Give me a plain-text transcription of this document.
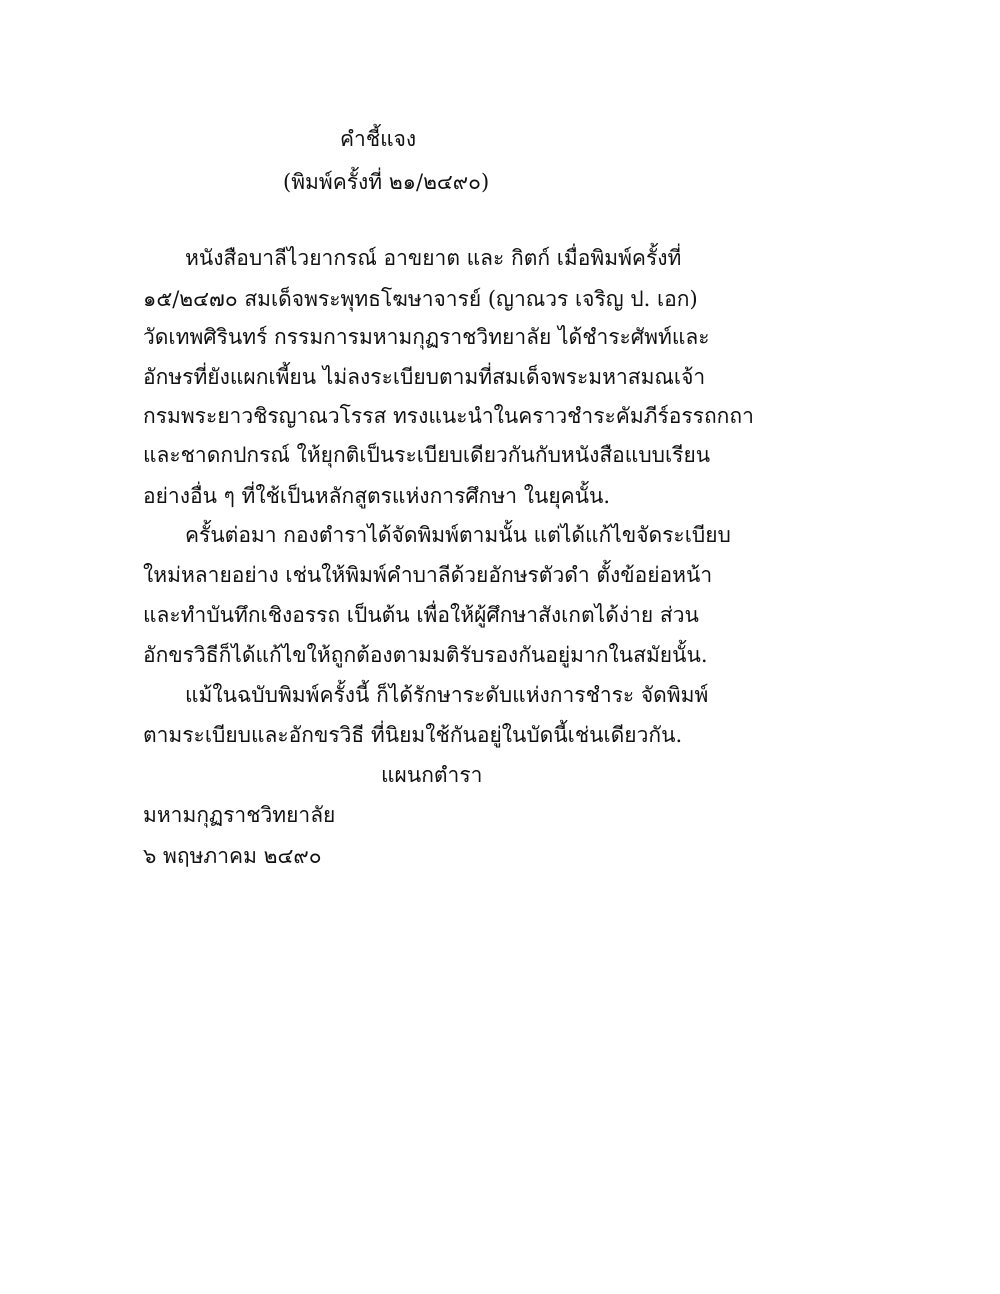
คำชี้แจง
(พิมพ์ครั้งที่ ๒๑/๒๔๙๐)
หนังสือบาลีไวยากรณ์ อาขยาต และ กิตก์ เมื่อพิมพ์ครั้งที่
๑๕/๒๔๗๐ สมเด็จพระพุทธโฆษาจารย์ (ญาณวร เจริญ ป. เอก)
วัดเทพศิรินทร์ กรรมการมหามกุฏราชวิทยาลัย ได้ชำระศัพท์และ
อักษรที่ยังแผกเพี้ยน ไม่ลงระเบียบตามที่สมเด็จพระมหาสมณเจ้า
กรมพระยาวชิรญาณวโรรส ทรงแนะนำในคราวชำระคัมภีร์อรรถกถา
และชาดกปกรณ์ ให้ยุกติเป็นระเบียบเดียวกันกับหนังสือแบบเรียน
อย่างอื่น ๆ ที่ใช้เป็นหลักสูตรแห่งการศึกษา ในยุคนั้น.
ครั้นต่อมา กองตำราได้จัดพิมพ์ตามนั้น แต่ได้แก้ไขจัดระเบียบ
ใหม่หลายอย่าง เช่นให้พิมพ์คำบาลีด้วยอักษรตัวดำ ตั้งข้อย่อหน้า
และทำบันทึกเชิงอรรถ เป็นต้น เพื่อให้ผู้ศึกษาสังเกตได้ง่าย ส่วน
อักขรวิธีก็ได้แก้ไขให้ถูกต้องตามมติรับรองกันอยู่มากในสมัยนั้น.
แม้ในฉบับพิมพ์ครั้งนี้ ก็ได้รักษาระดับแห่งการชำระ จัดพิมพ์
ตามระเบียบและอักขรวิธี ที่นิยมใช้กันอยู่ในบัดนี้เช่นเดียวกัน.
แผนกตำรา
มหามกุฏราชวิทยาลัย
๖ พฤษภาคม ๒๔๙๐
